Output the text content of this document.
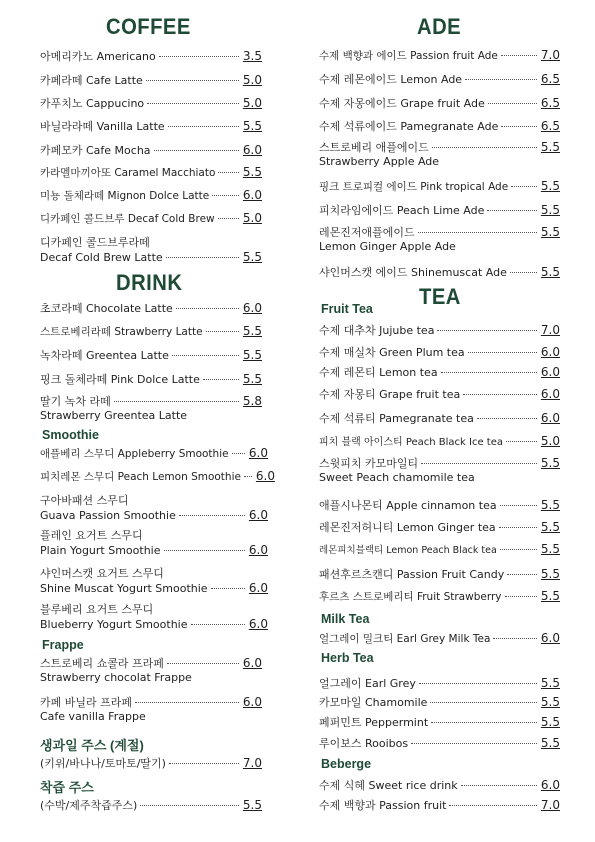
COFFEE
아메리카노 Americano	3.5
카페라떼 Cafe Latte	5.0
카푸치노 Cappucino	5.0
바닐라라떼 Vanilla Latte	5.5
카페모카 Cafe Mocha	6.0
카라멜마끼아또 Caramel Macchiato 5.5
미뇽 돌체라떼 Mignon Dolce Latte	6.0
디카페인 콜드브루 Decaf Cold Brew 5.0
디카페인 콜드브루라떼
Decaf Cold Brew Latte	5.5
DRINK
초코라떼 Chocolate Latte	6.0
스트로베리라떼 Strawberry Latte	5.5
녹차라떼 Greentea Latte	5.5
핑크 돌체라떼 Pink Dolce Latte	5.5
딸기 녹차 라떼	5.8
Strawberry Greentea Latte
Smoothie
애플베리 스무디 Appleberry Smoothie 6.0
피치레몬 스무디 Peach Lemon Smoothie 6.0
구아바패션 스무디
Guava Passion Smoothie	6.0
플레인 요거트 스무디
Plain Yogurt Smoothie	6.0
샤인머스캣 요거트 스무디
Shine Muscat Yogurt Smoothie	6.0
블루베리 요거트 스무디
Blueberry Yogurt Smoothie	6.0
Frappe
스트로베리 쇼콜라 프라페	6.0
Strawberry chocolat Frappe
카페 바닐라 프라페	6.0
Cafe vanilla Frappe
생과일 주스 (계절)
(키위/바나나/토마토/딸기)	7.0
착즙 주스
(수박/제주착즙주스)	5.5
ADE
수제 백향과 에이드 Passion fruit Ade	7.0
수제 레몬에이드 Lemon Ade	6.5
수제 자몽에이드 Grape fruit Ade	6.5
수제 석류에이드 Pamegranate Ade	6.5
스트로베리 애플에이드	5.5
Strawberry Apple Ade
핑크 트로피컬 에이드 Pink tropical Ade	5.5
피치라임에이드 Peach Lime Ade	5.5
레몬진저애플에이드	5.5
Lemon Ginger Apple Ade
샤인머스캣 에이드 Shinemuscat Ade	5.5
TEA
Fruit Tea
수제 대추차 Jujube tea	7.0
수제 매실차 Green Plum tea	6.0
수제 레몬티 Lemon tea	6.0
수제 자몽티 Grape fruit tea	6.0
수제 석류티 Pamegranate tea	6.0
피치 블랙 아이스티 Peach Black Ice tea	5.0
스윗피치 카모마일티	5.5
Sweet Peach chamomile tea
애플시나몬티 Apple cinnamon tea	5.5
레몬진저허니티 Lemon Ginger tea	5.5
레몬피치블랙티 Lemon Peach Black tea	5.5
패션후르츠캔디 Passion Fruit Candy	5.5
후르츠 스트로베리티 Fruit Strawberry	5.5
Milk Tea
얼그레이 밀크티 Earl Grey Milk Tea	6.0
Herb Tea
얼그레이 Earl Grey	5.5
카모마일 Chamomile	5.5
페퍼민트 Peppermint	5.5
루이보스 Rooibos	5.5
Beberge
수제 식혜 Sweet rice drink	6.0
수제 백향과 Passion fruit	7.0
